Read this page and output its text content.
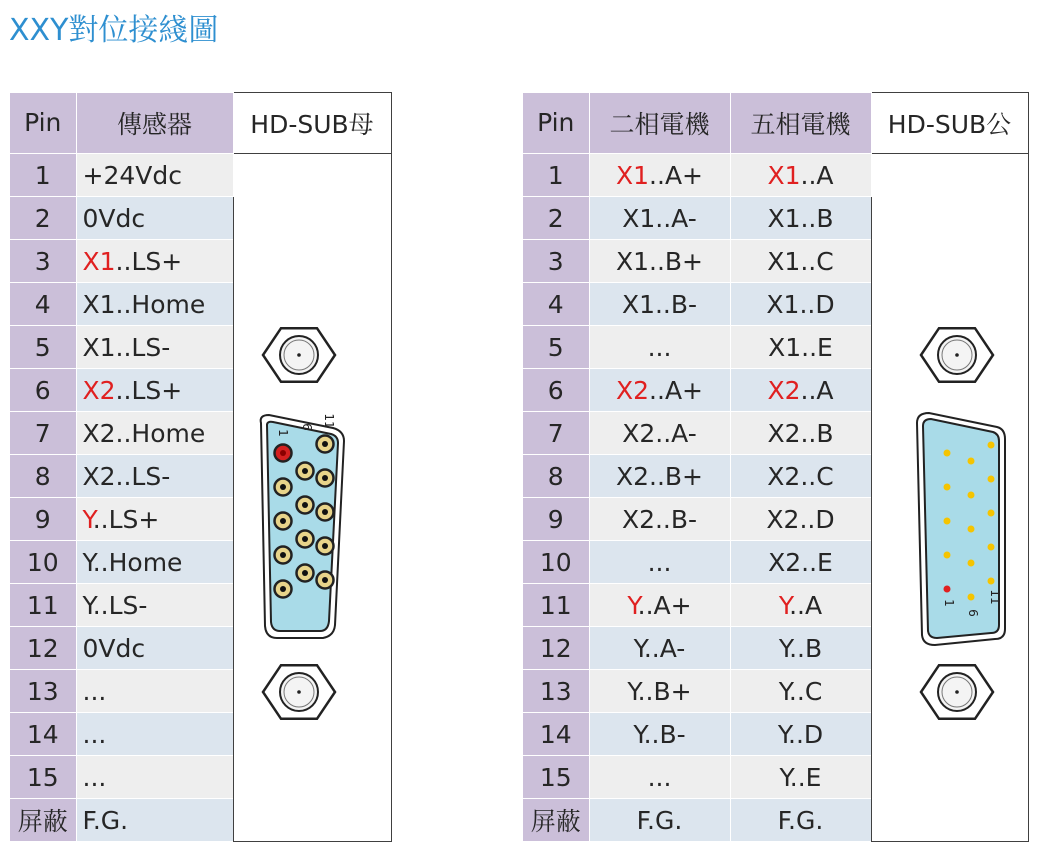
XXY對位接綫圖
Pin	傳感器	HD-SUB母
1	+24Vdc	1
6 11

2	0Vdc	
3	X1..LS+	
4	X1..Home	
5	X1..LS-	
6	X2..LS+	
7	X2..Home	
8	X2..LS-	
9	Y..LS+	
10	Y..Home	
11	Y..LS-	
12	0Vdc	
13	...	
14	...	
15	...	
屏蔽	F.G.	
Pin	二相電機	五相電機	HD-SUB公
1	X1..A+	X1..A	1
6
11

2	X1..A-	X1..B	
3	X1..B+	X1..C	
4	X1..B-	X1..D	
5	...	X1..E	
6	X2..A+	X2..A	
7	X2..A-	X2..B	
8	X2..B+	X2..C	
9	X2..B-	X2..D	
10	...	X2..E	
11	Y..A+	Y..A	
12	Y..A-	Y..B	
13	Y..B+	Y..C	
14	Y..B-	Y..D	
15	...	Y..E	
屏蔽	F.G.	F.G.	
